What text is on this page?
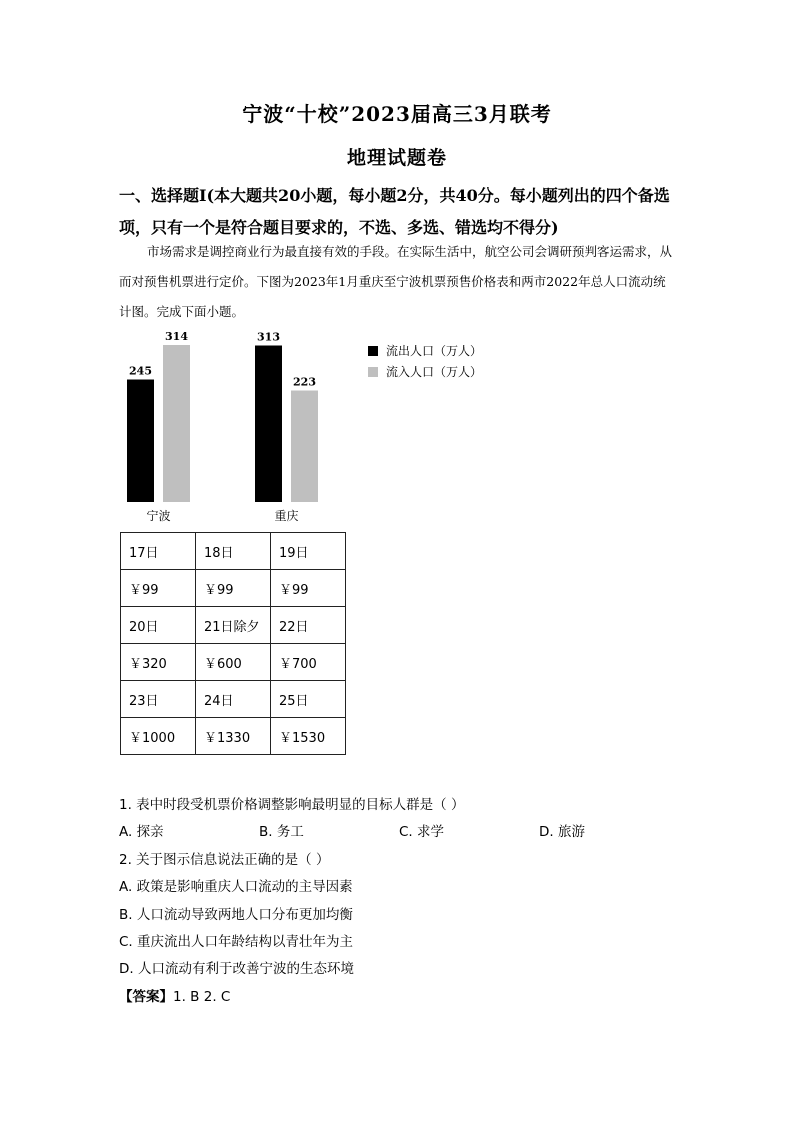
宁波“十校”2023届高三3月联考
地理试题卷
一、选择题Ⅰ(本大题共20小题，每小题2分，共40分。每小题列出的四个备选项，只有一个是符合题目要求的，不选、多选、错选均不得分)
市场需求是调控商业行为最直接有效的手段。在实际生活中，航空公司会调研预判客运需求，从而对预售机票进行定价。下图为2023年1月重庆至宁波机票预售价格表和两市2022年总人口流动统计图。完成下面小题。
245
314
宁波
313
223
重庆
流出人口（万人）
流入人口（万人）
17日	18日	19日
￥99	￥99	￥99
20日	21日除夕	22日
￥320	￥600	￥700
23日	24日	25日
￥1000	￥1330	￥1530
1. 表中时段受机票价格调整影响最明显的目标人群是（ ）
A. 探亲	B. 务工	C. 求学	D. 旅游
2. 关于图示信息说法正确的是（ ）
A. 政策是影响重庆人口流动的主导因素
B. 人口流动导致两地人口分布更加均衡
C. 重庆流出人口年龄结构以青壮年为主
D. 人口流动有利于改善宁波的生态环境
【答案】1. B 2. C
